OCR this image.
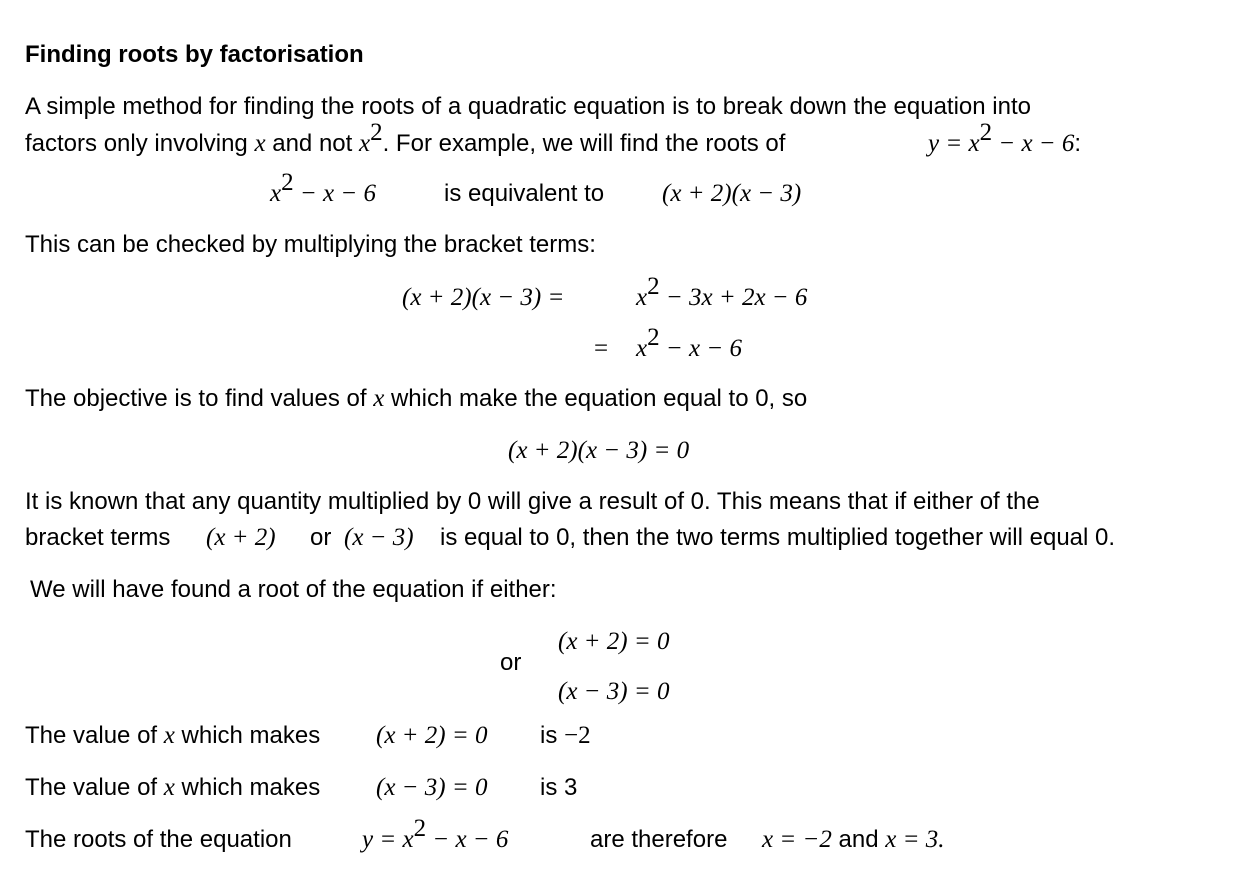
Finding roots by factorisation
A simple method for finding the roots of a quadratic equation is to break down the equation into
factors only involving x and not $x^2$. For example, we will find the roots of	$y = x^2 - x - 6$:
$x^2 - x - 6$	is equivalent to (x + 2)(x − 3)
This can be checked by multiplying the bracket terms:
(x + 2)(x − 3) =	$x^2 - 3x + 2x - 6$
= $x^2 - x - 6$
The objective is to find values of x which make the equation equal to 0, so
(x + 2)(x − 3) = 0
It is known that any quantity multiplied by 0 will give a result of 0. This means that if either of the
bracket terms (x + 2) or (x − 3) is equal to 0, then the two terms multiplied together will equal 0.
We will have found a root of the equation if either:
(x + 2) = 0
or
(x − 3) = 0
The value of x which makes (x + 2) = 0 is −2
The value of x which makes (x − 3) = 0 is 3
The roots of the equation	$y = x^2 - x - 6$	are therefore x = −2 and x = 3.
